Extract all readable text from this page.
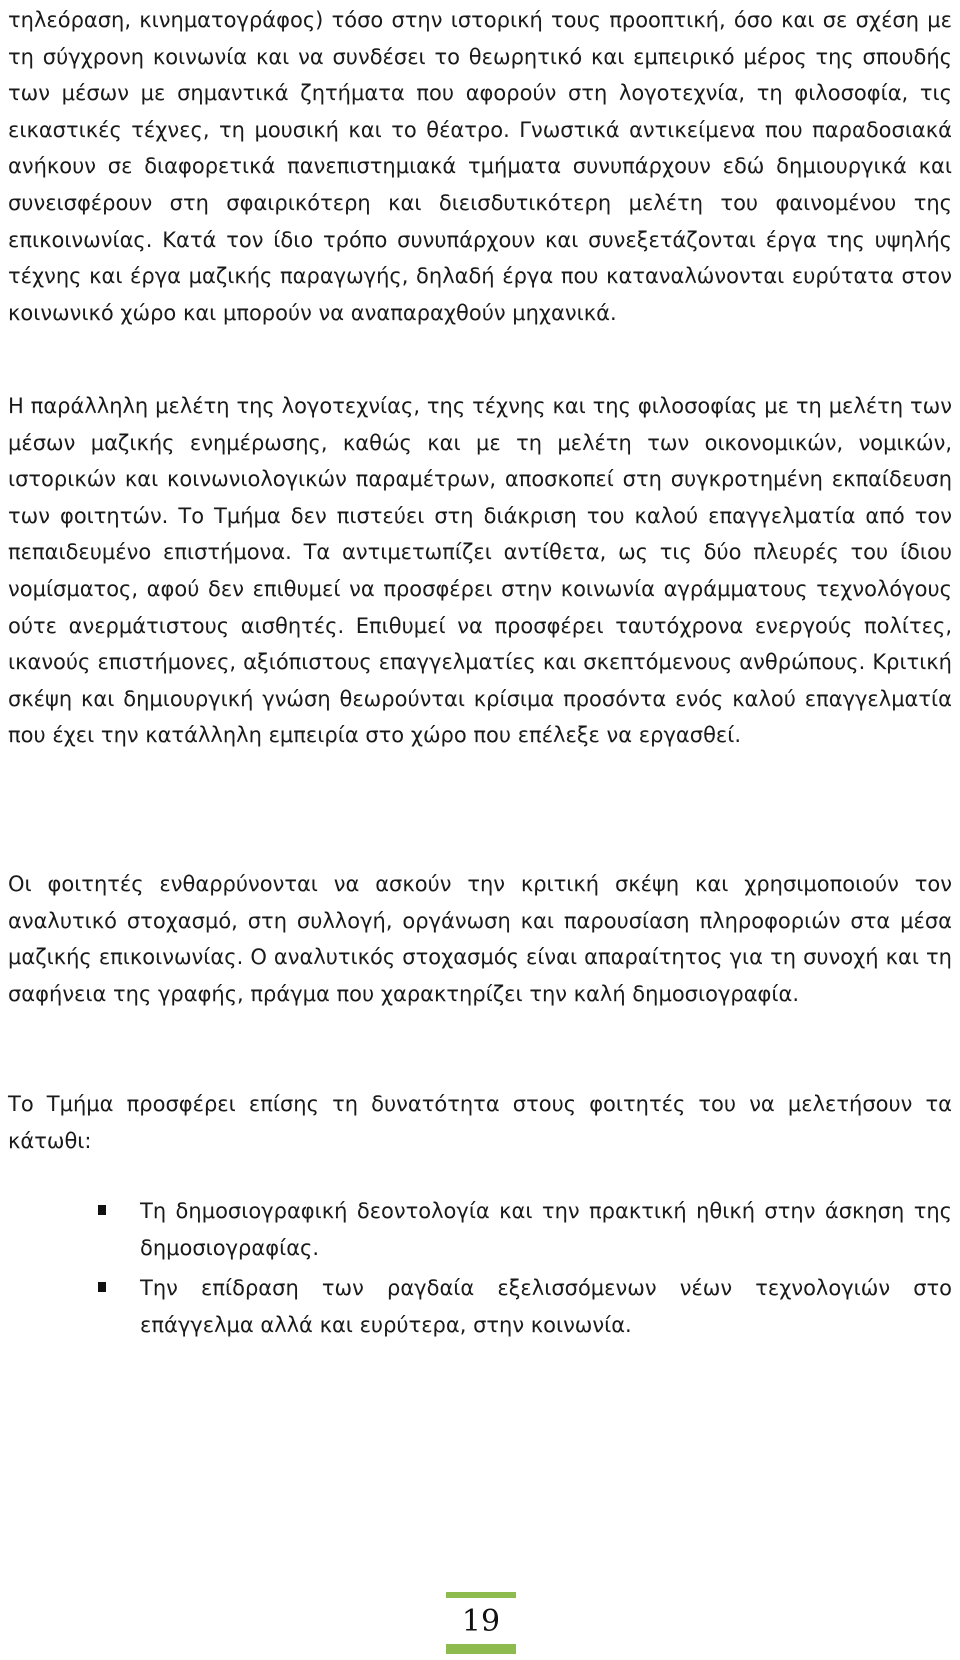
τηλεόραση, κινηματογράφος) τόσο στην ιστορική τους προοπτική, όσο και σε σχέση με τη σύγχρονη κοινωνία και να συνδέσει το θεωρητικό και εμπειρικό μέρος της σπουδής των μέσων με σημαντικά ζητήματα που αφορούν στη λογοτεχνία, τη φιλοσοφία, τις εικαστικές τέχνες, τη μουσική και το θέατρο. Γνωστικά αντικείμενα που παραδοσιακά ανήκουν σε διαφορετικά πανεπιστημιακά τμήματα συνυπάρχουν εδώ δημιουργικά και συνεισφέρουν στη σφαιρικότερη και διεισδυτικότερη μελέτη του φαινομένου της επικοινωνίας. Κατά τον ίδιο τρόπο συνυπάρχουν και συνεξετάζονται έργα της υψηλής τέχνης και έργα μαζικής παραγωγής, δηλαδή έργα που καταναλώνονται ευρύτατα στον κοινωνικό χώρο και μπορούν να αναπαραχθούν μηχανικά.

Η παράλληλη μελέτη της λογοτεχνίας, της τέχνης και της φιλοσοφίας με τη μελέτη των μέσων μαζικής ενημέρωσης, καθώς και με τη μελέτη των οικονομικών, νομικών, ιστορικών και κοινωνιολογικών παραμέτρων, αποσκοπεί στη συγκροτημένη εκπαίδευση των φοιτητών. Το Τμήμα δεν πιστεύει στη διάκριση του καλού επαγγελματία από τον πεπαιδευμένο επιστήμονα. Τα αντιμετωπίζει αντίθετα, ως τις δύο πλευρές του ίδιου νομίσματος, αφού δεν επιθυμεί να προσφέρει στην κοινωνία αγράμματους τεχνολόγους ούτε ανερμάτιστους αισθητές. Επιθυμεί να προσφέρει ταυτόχρονα ενεργούς πολίτες, ικανούς επιστήμονες, αξιόπιστους επαγγελματίες και σκεπτόμενους ανθρώπους. Κριτική σκέψη και δημιουργική γνώση θεωρούνται κρίσιμα προσόντα ενός καλού επαγγελματία που έχει την κατάλληλη εμπειρία στο χώρο που επέλεξε να εργασθεί.

Οι φοιτητές ενθαρρύνονται να ασκούν την κριτική σκέψη και χρησιμοποιούν τον αναλυτικό στοχασμό, στη συλλογή, οργάνωση και παρουσίαση πληροφοριών στα μέσα μαζικής επικοινωνίας. Ο αναλυτικός στοχασμός είναι απαραίτητος για τη συνοχή και τη σαφήνεια της γραφής, πράγμα που χαρακτηρίζει την καλή δημοσιογραφία.

Το Τμήμα προσφέρει επίσης τη δυνατότητα στους φοιτητές του να μελετήσουν τα κάτωθι:

Τη δημοσιογραφική δεοντολογία και την πρακτική ηθική στην άσκηση της δημοσιογραφίας.
Την επίδραση των ραγδαία εξελισσόμενων νέων τεχνολογιών στο επάγγελμα αλλά και ευρύτερα, στην κοινωνία.
19
